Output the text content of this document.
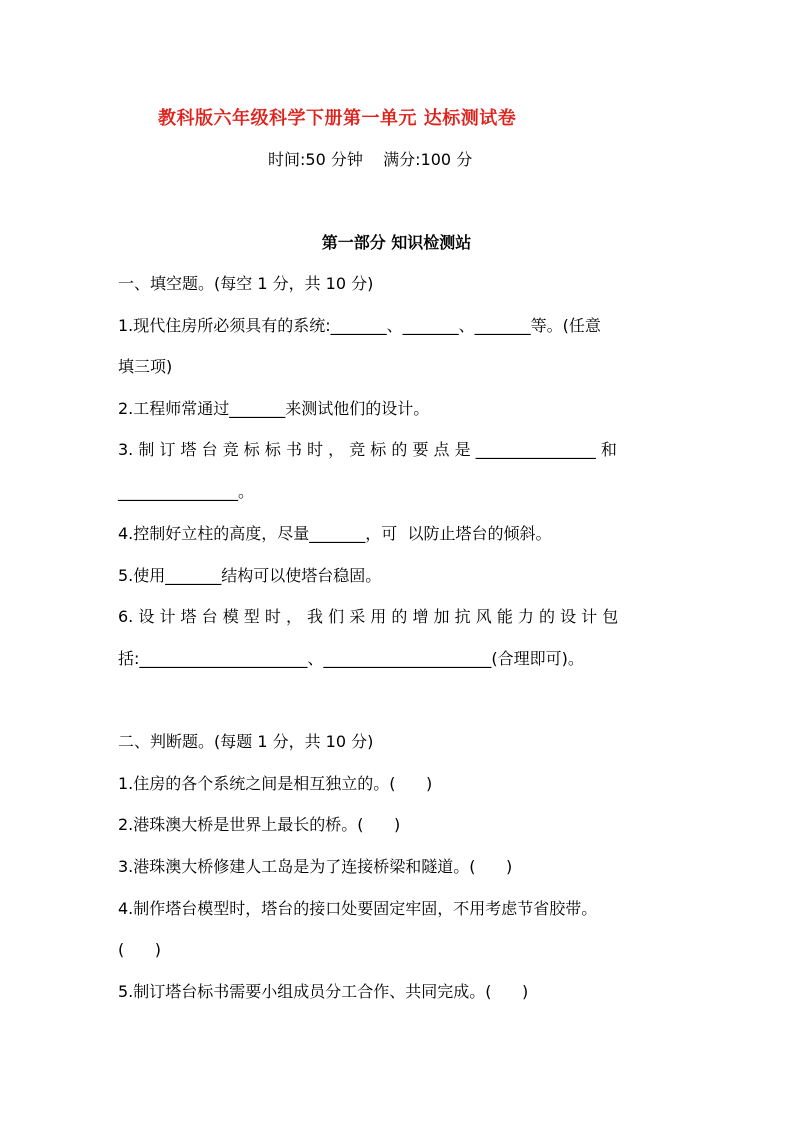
教科版六年级科学下册第一单元 达标测试卷
时间:50 分钟    满分:100 分
第一部分 知识检测站
一、填空题。(每空 1 分，共 10 分)
1.现代住房所必须具有的系统:_______、_______、_______等。(任意
填三项)
2.工程师常通过_______来测试他们的设计。
3. 制 订 塔 台 竞 标 标 书 时 ， 竞 标 的 要 点 是 _______________ 和
_______________。
4.控制好立柱的高度，尽量_______，可  以防止塔台的倾斜。
5.使用_______结构可以使塔台稳固。
6. 设 计 塔 台 模 型 时 ， 我 们 采 用 的 增 加 抗 风 能 力 的 设 计 包
括:_____________________、_____________________(合理即可)。
二、判断题。(每题 1 分，共 10 分)
1.住房的各个系统之间是相互独立的。(      )
2.港珠澳大桥是世界上最长的桥。(      )
3.港珠澳大桥修建人工岛是为了连接桥梁和隧道。(      )
4.制作塔台模型时，塔台的接口处要固定牢固，不用考虑节省胶带。
(      )
5.制订塔台标书需要小组成员分工合作、共同完成。(      )
